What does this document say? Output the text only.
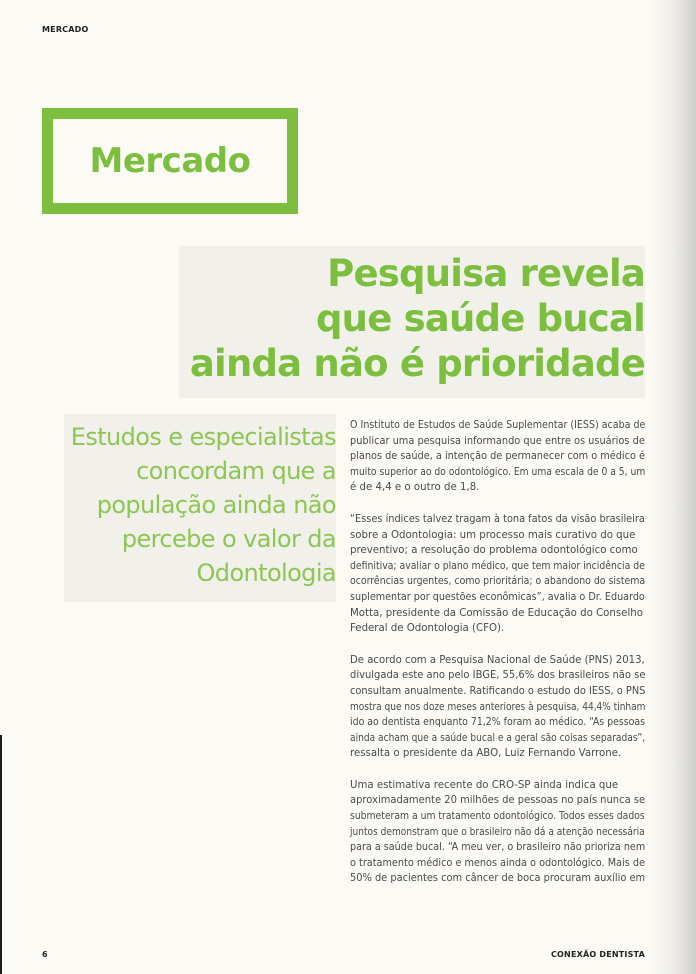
MERCADO
Mercado
Pesquisa revela
que saúde bucal
ainda não é prioridade
Estudos e especialistas
concordam que a
população ainda não
percebe o valor da
Odontologia

O Instituto de Estudos de Saúde Suplementar (IESS) acaba de
publicar uma pesquisa informando que entre os usuários de
planos de saúde, a intenção de permanecer com o médico é
muito superior ao do odontológico. Em uma escala de 0 a 5, um
é de 4,4 e o outro de 1,8.

“Esses índices talvez tragam à tona fatos da visão brasileira
sobre a Odontologia: um processo mais curativo do que
preventivo; a resolução do problema odontológico como
definitiva; avaliar o plano médico, que tem maior incidência de
ocorrências urgentes, como prioritária; o abandono do sistema
suplementar por questões econômicas”, avalia o Dr. Eduardo
Motta, presidente da Comissão de Educação do Conselho
Federal de Odontologia (CFO).

De acordo com a Pesquisa Nacional de Saúde (PNS) 2013,
divulgada este ano pelo IBGE, 55,6% dos brasileiros não se
consultam anualmente. Ratificando o estudo do IESS, o PNS
mostra que nos doze meses anteriores à pesquisa, 44,4% tinham
ido ao dentista enquanto 71,2% foram ao médico. “As pessoas
ainda acham que a saúde bucal e a geral são coisas separadas”,
ressalta o presidente da ABO, Luiz Fernando Varrone.

Uma estimativa recente do CRO-SP ainda indica que
aproximadamente 20 milhões de pessoas no país nunca se
submeteram a um tratamento odontológico. Todos esses dados
juntos demonstram que o brasileiro não dá a atenção necessária
para a saúde bucal. “A meu ver, o brasileiro não prioriza nem
o tratamento médico e menos ainda o odontológico. Mais de
50% de pacientes com câncer de boca procuram auxílio em

6	CONEXÃO DENTISTA
